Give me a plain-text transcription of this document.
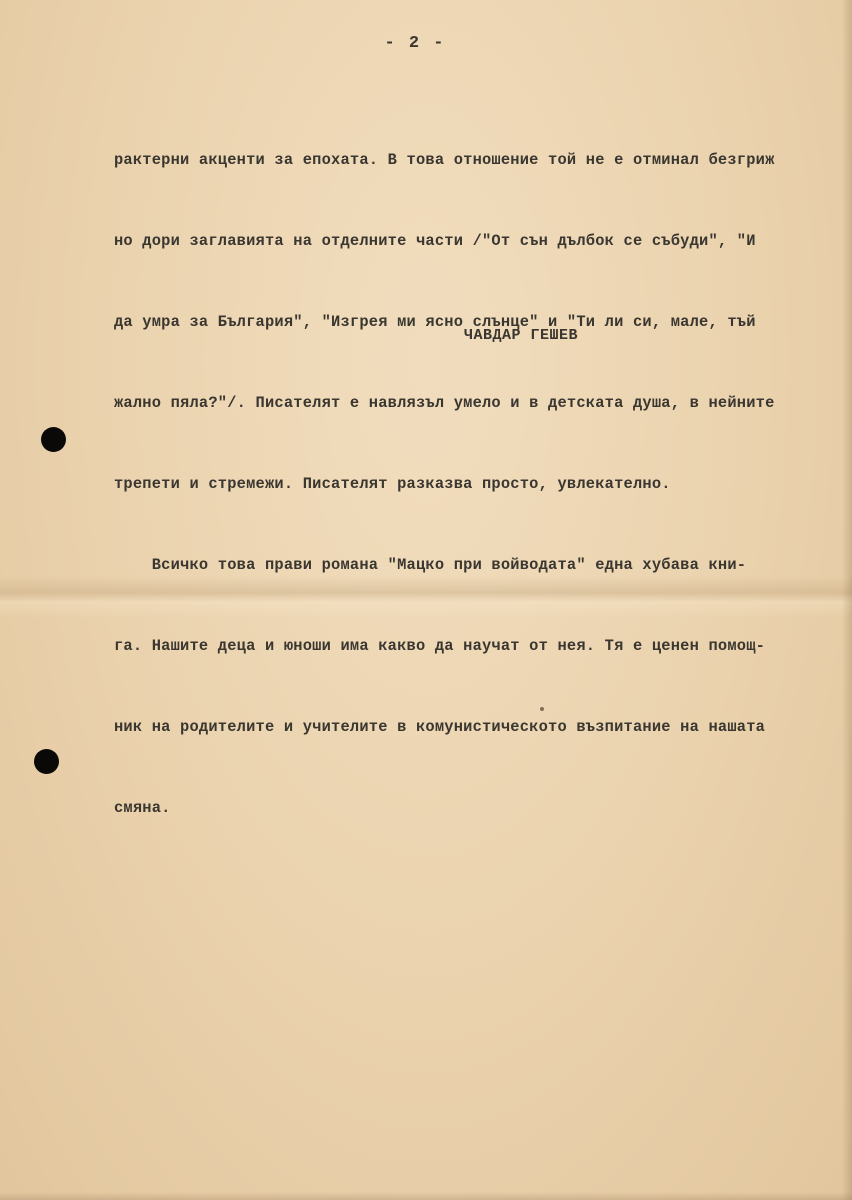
- 2 -

рактерни акценти за епохата. В това отношение той не е отминал безгриж

но дори заглавията на отделните части /"От сън дълбок се събуди", "И

да умра за България", "Изгрея ми ясно слънце" и "Ти ли си, мале, тъй

жално пяла?"/. Писателят е навлязъл умело и в детската душа, в нейните

трепети и стремежи. Писателят разказва просто, увлекателно.

Всичко това прави романа "Мацко при войводата" една хубава кни-

га. Нашите деца и юноши има какво да научат от нея. Тя е ценен помощ-

ник на родителите и учителите в комунистическото възпитание на нашата

смяна.

ЧАВДАР ГЕШЕВ
